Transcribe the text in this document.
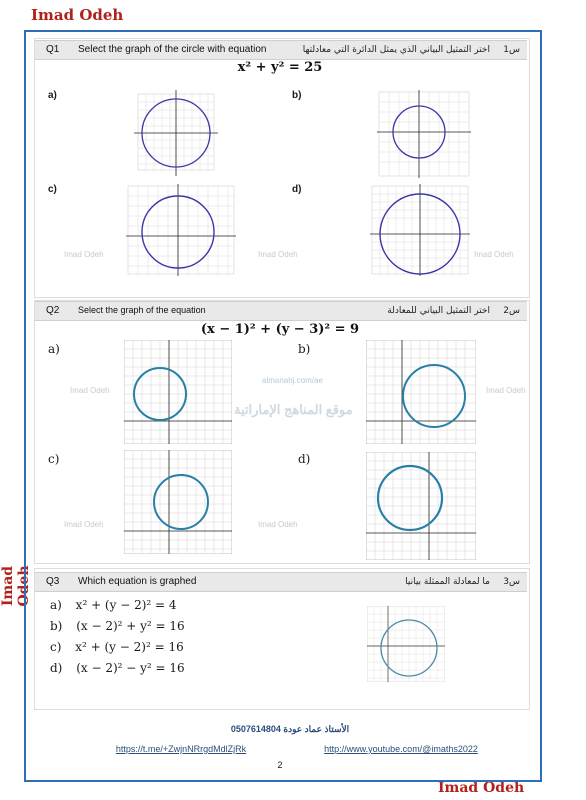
Imad Odeh
Imad Odeh
Imad Odeh
Q1 Select the graph of the circle with equation	اختر التمثيل البياني الذي يمثل الدائرة التي معادلتها	س1
x² + y² = 25
a)	b)
c)	d)
Imad Odeh	Imad Odeh	Imad Odeh
Q2 Select the graph of the equation	اختر التمثيل البياني للمعادلة	س2
(x − 1)² + (y − 3)² = 9
a)	b)
c)	d)
Imad Odeh	Imad Odeh
Imad Odeh	Imad Odeh
almanahj.com/ae
موقع المناهج الإماراتية
Q3 Which equation is graphed	ما لمعادلة الممثلة بيانيا	س3
a) x² + (y − 2)² = 4
b) (x − 2)² + y² = 16
c) x² + (y − 2)² = 16
d) (x − 2)² − y² = 16
0507614804 الأستاذ عماد عودة
https://t.me/+ZwjnNRrgdMdlZjRk	http://www.youtube.com/@imaths2022
2
